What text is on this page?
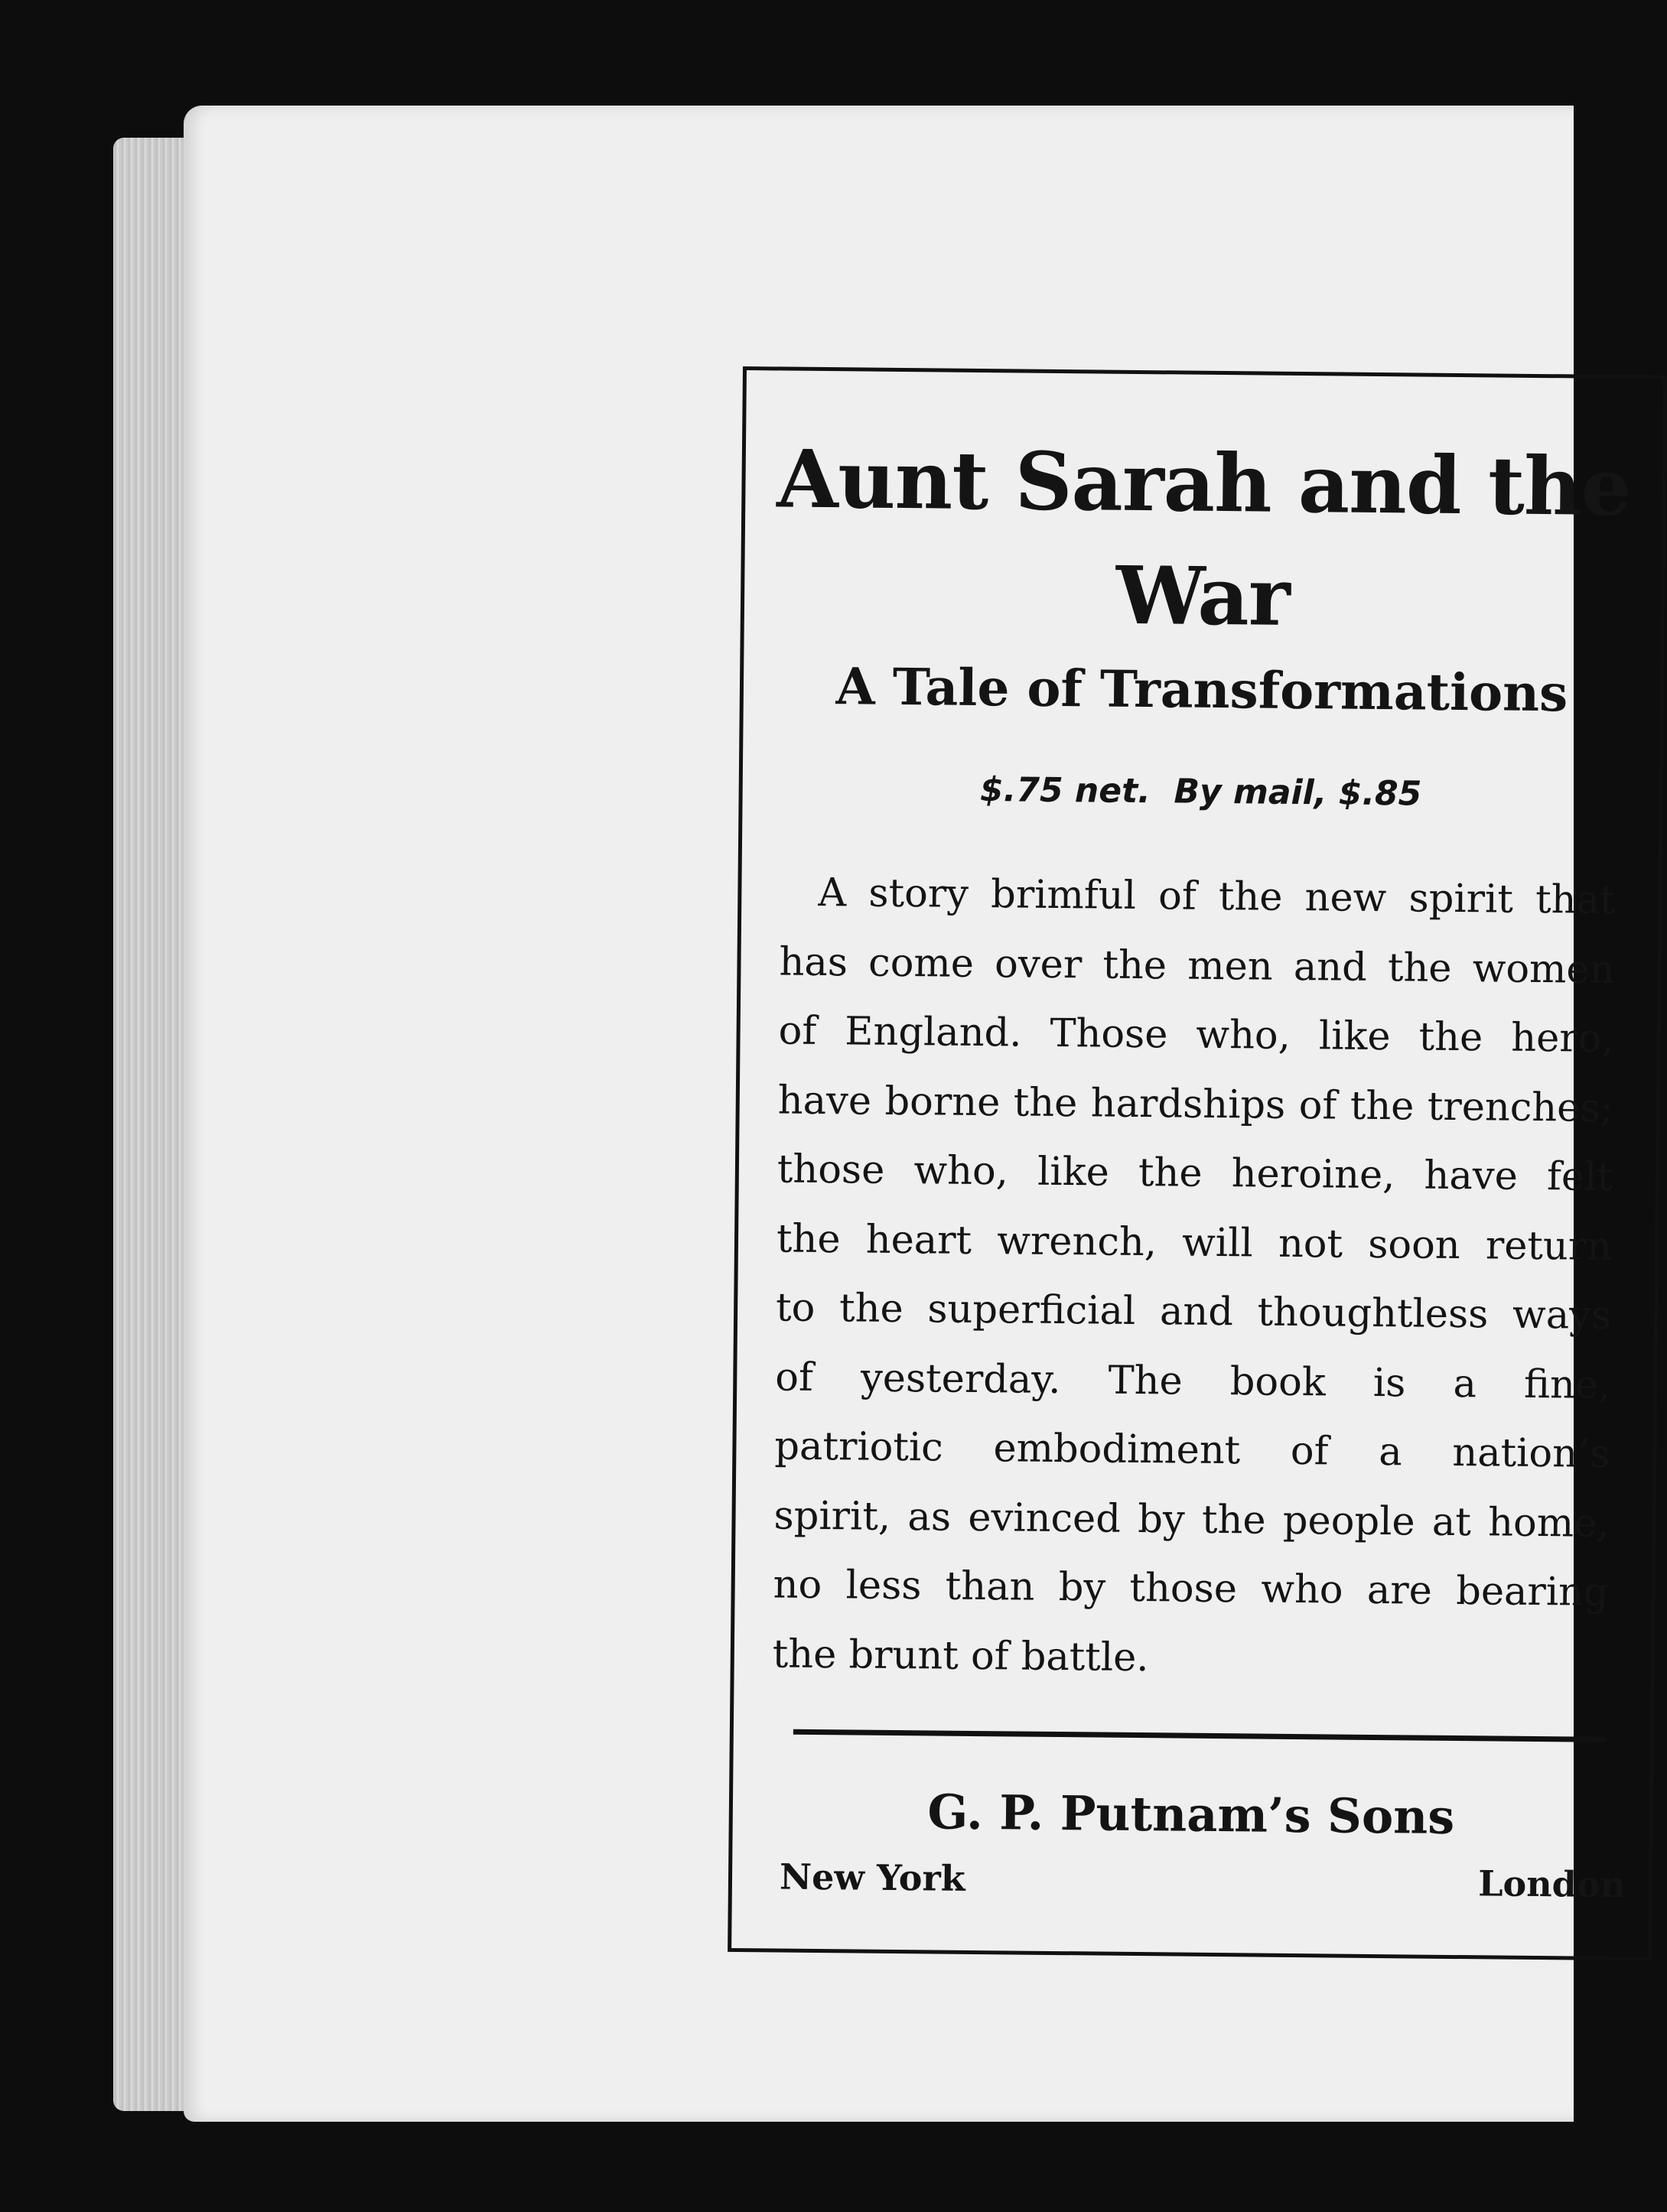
Aunt Sarah and the War
A Tale of Transformations
$.75 net.  By mail, $.85
A story brimful of the new spirit that
has come over the men and the women
of England. Those who, like the hero,
have borne the hardships of the trenches;
those who, like the heroine, have felt
the heart wrench, will not soon return
to the superficial and thoughtless ways
of yesterday. The book is a fine,
patriotic embodiment of a nation’s
spirit, as evinced by the people at home,
no less than by those who are bearing
the brunt of battle.
G. P. Putnam’s Sons
New York	London
